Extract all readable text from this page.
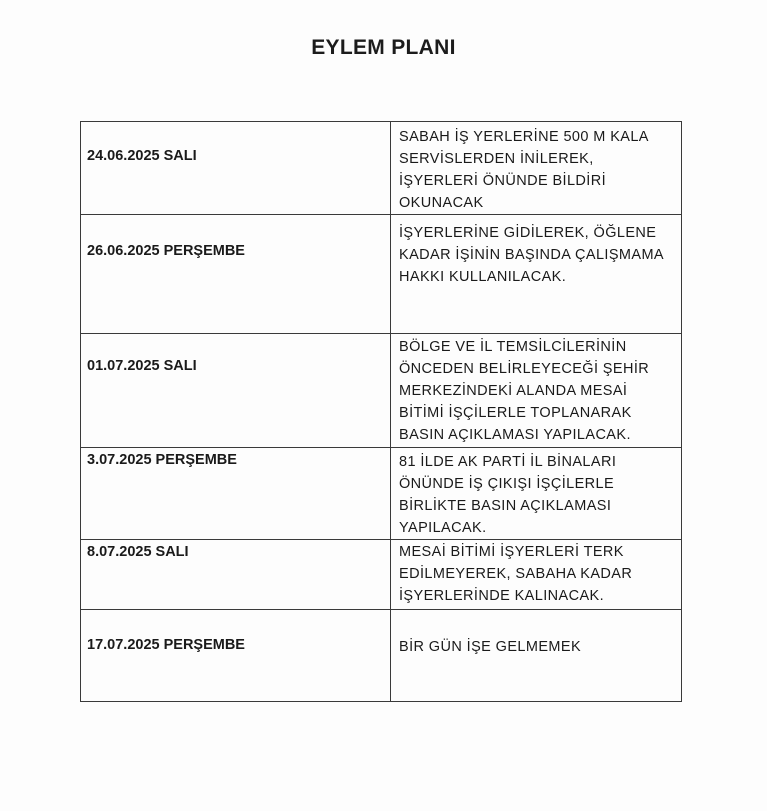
EYLEM PLANI
24.06.2025 SALI	SABAH İŞ YERLERİNE 500 M KALA SERVİSLERDEN İNİLEREK, İŞYERLERİ ÖNÜNDE BİLDİRİ OKUNACAK

26.06.2025 PERŞEMBE	İŞYERLERİNE GİDİLEREK, ÖĞLENE KADAR İŞİNİN BAŞINDA ÇALIŞMAMA HAKKI KULLANILACAK.

01.07.2025 SALI	BÖLGE VE İL TEMSİLCİLERİNİN ÖNCEDEN BELİRLEYECEĞİ ŞEHİR MERKEZİNDEKİ ALANDA MESAİ BİTİMİ İŞÇİLERLE TOPLANARAK BASIN AÇIKLAMASI YAPILACAK.

3.07.2025 PERŞEMBE	81 İLDE AK PARTİ İL BİNALARI ÖNÜNDE İŞ ÇIKIŞI İŞÇİLERLE BİRLİKTE BASIN AÇIKLAMASI YAPILACAK.

8.07.2025 SALI	MESAİ BİTİMİ İŞYERLERİ TERK EDİLMEYEREK, SABAHA KADAR İŞYERLERİNDE KALINACAK.

17.07.2025 PERŞEMBE	BİR GÜN İŞE GELMEMEK
